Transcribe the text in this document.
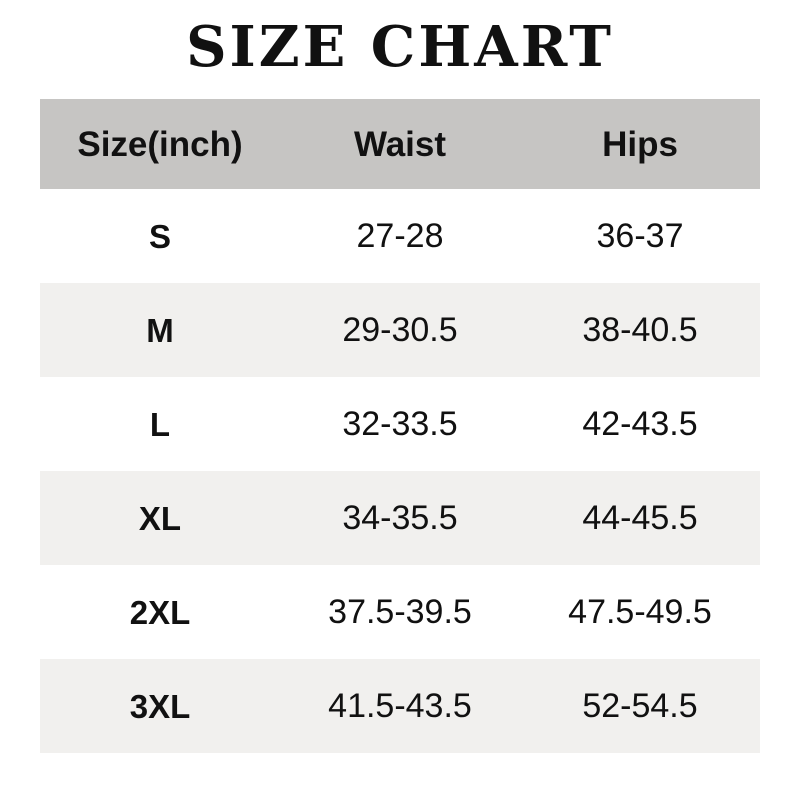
SIZE CHART
Size(inch)	Waist	Hips
S	27-28	36-37
M	29-30.5	38-40.5
L	32-33.5	42-43.5
XL	34-35.5	44-45.5
2XL	37.5-39.5	47.5-49.5
3XL	41.5-43.5	52-54.5
